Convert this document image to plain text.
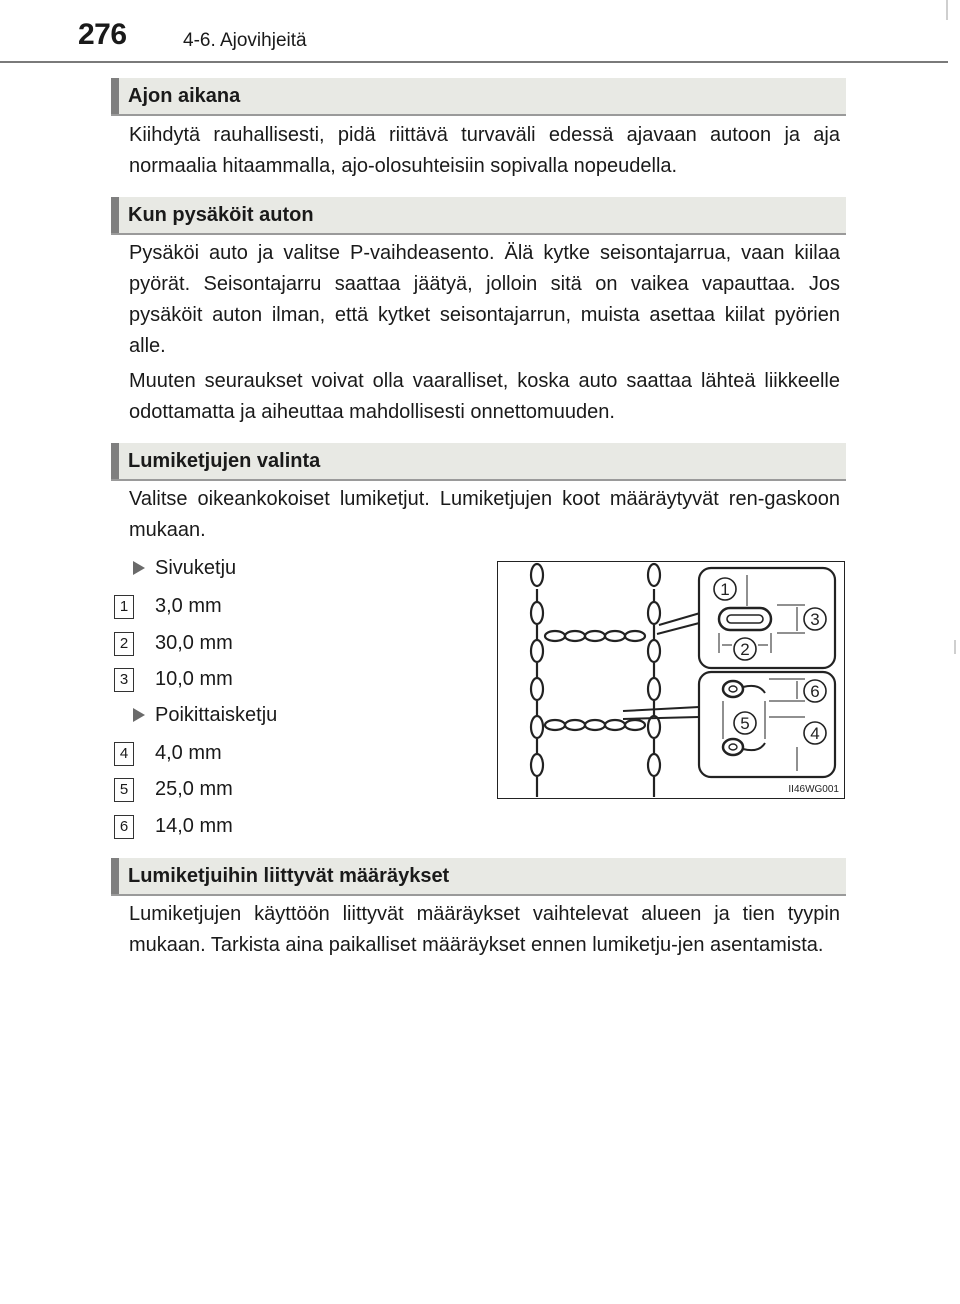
276	4-6. Ajovihjeitä
Ajon aikana

Kiihdytä rauhallisesti, pidä riittävä turvaväli edessä ajavaan autoon ja aja normaalia hitaammalla, ajo-olosuhteisiin sopivalla nopeudella.

Kun pysäköit auton

Pysäköi auto ja valitse P-vaihdeasento. Älä kytke seisontajarrua, vaan kiilaa pyörät. Seisontajarru saattaa jäätyä, jolloin sitä on vaikea vapauttaa. Jos pysäköit auton ilman, että kytket seisontajarrun, muista asettaa kiilat pyörien alle.

Muuten seuraukset voivat olla vaaralliset, koska auto saattaa lähteä liikkeelle odottamatta ja aiheuttaa mahdollisesti onnettomuuden.

Lumiketjujen valinta

Valitse oikeankokoiset lumiketjut. Lumiketjujen koot määräytyvät ren-gaskoon mukaan.

Sivuketju
1 3,0 mm
2 30,0 mm
3 10,0 mm
Poikittaisketju
4 4,0 mm
5 25,0 mm
6 14,0 mm
1
2
3
4
5
6
II46WG001
Lumiketjuihin liittyvät määräykset

Lumiketjujen käyttöön liittyvät määräykset vaihtelevat alueen ja tien tyypin mukaan. Tarkista aina paikalliset määräykset ennen lumiketju-jen asentamista.
